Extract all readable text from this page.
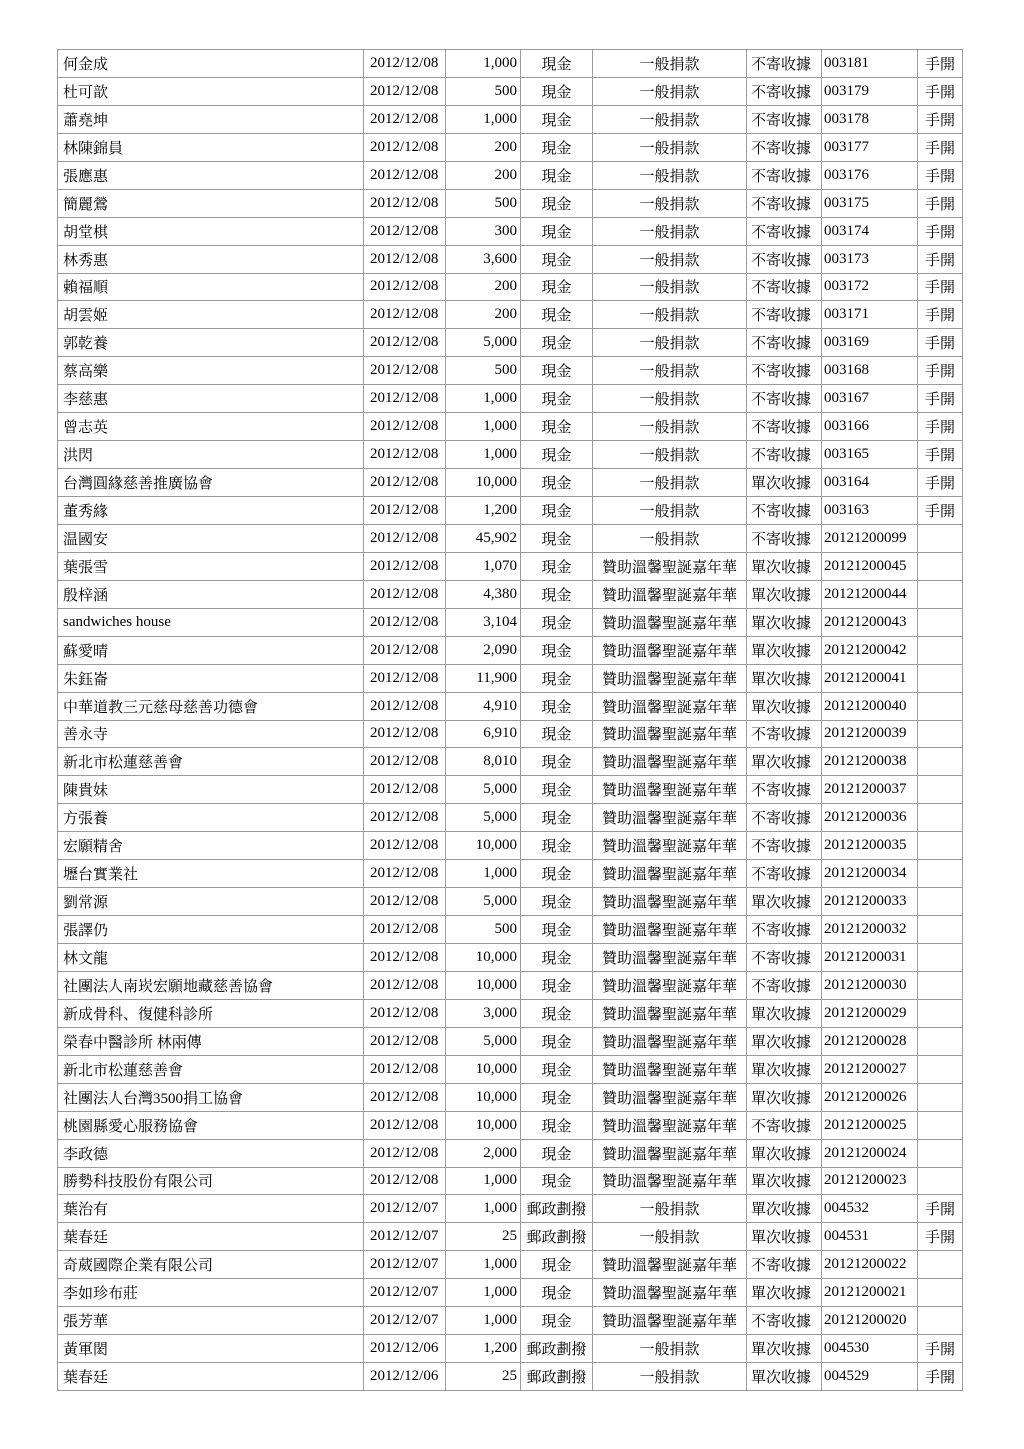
何金成	2012/12/08	1,000	現金	一般捐款	不寄收據	003181	手開
杜可歆	2012/12/08	500	現金	一般捐款	不寄收據	003179	手開
蕭堯坤	2012/12/08	1,000	現金	一般捐款	不寄收據	003178	手開
林陳錦員	2012/12/08	200	現金	一般捐款	不寄收據	003177	手開
張應惠	2012/12/08	200	現金	一般捐款	不寄收據	003176	手開
簡麗鶯	2012/12/08	500	現金	一般捐款	不寄收據	003175	手開
胡堂棋	2012/12/08	300	現金	一般捐款	不寄收據	003174	手開
林秀惠	2012/12/08	3,600	現金	一般捐款	不寄收據	003173	手開
賴福順	2012/12/08	200	現金	一般捐款	不寄收據	003172	手開
胡雲姬	2012/12/08	200	現金	一般捐款	不寄收據	003171	手開
郭乾養	2012/12/08	5,000	現金	一般捐款	不寄收據	003169	手開
蔡高樂	2012/12/08	500	現金	一般捐款	不寄收據	003168	手開
李慈惠	2012/12/08	1,000	現金	一般捐款	不寄收據	003167	手開
曾志英	2012/12/08	1,000	現金	一般捐款	不寄收據	003166	手開
洪閃	2012/12/08	1,000	現金	一般捐款	不寄收據	003165	手開
台灣圓緣慈善推廣協會	2012/12/08	10,000	現金	一般捐款	單次收據	003164	手開
董秀緣	2012/12/08	1,200	現金	一般捐款	不寄收據	003163	手開
温國安	2012/12/08	45,902	現金	一般捐款	不寄收據	20121200099	
葉張雪	2012/12/08	1,070	現金	贊助溫馨聖誕嘉年華	單次收據	20121200045	
殷梓涵	2012/12/08	4,380	現金	贊助溫馨聖誕嘉年華	單次收據	20121200044	
sandwiches house	2012/12/08	3,104	現金	贊助溫馨聖誕嘉年華	單次收據	20121200043	
蘇愛晴	2012/12/08	2,090	現金	贊助溫馨聖誕嘉年華	單次收據	20121200042	
朱鈺崙	2012/12/08	11,900	現金	贊助溫馨聖誕嘉年華	單次收據	20121200041	
中華道教三元慈母慈善功德會	2012/12/08	4,910	現金	贊助溫馨聖誕嘉年華	單次收據	20121200040	
善永寺	2012/12/08	6,910	現金	贊助溫馨聖誕嘉年華	不寄收據	20121200039	
新北市松蓮慈善會	2012/12/08	8,010	現金	贊助溫馨聖誕嘉年華	單次收據	20121200038	
陳貴妹	2012/12/08	5,000	現金	贊助溫馨聖誕嘉年華	不寄收據	20121200037	
方張養	2012/12/08	5,000	現金	贊助溫馨聖誕嘉年華	不寄收據	20121200036	
宏願精舍	2012/12/08	10,000	現金	贊助溫馨聖誕嘉年華	不寄收據	20121200035	
壢台實業社	2012/12/08	1,000	現金	贊助溫馨聖誕嘉年華	不寄收據	20121200034	
劉常源	2012/12/08	5,000	現金	贊助溫馨聖誕嘉年華	單次收據	20121200033	
張譯仍	2012/12/08	500	現金	贊助溫馨聖誕嘉年華	不寄收據	20121200032	
林文龍	2012/12/08	10,000	現金	贊助溫馨聖誕嘉年華	不寄收據	20121200031	
社團法人南崁宏願地藏慈善協會	2012/12/08	10,000	現金	贊助溫馨聖誕嘉年華	不寄收據	20121200030	
新成骨科、復健科診所	2012/12/08	3,000	現金	贊助溫馨聖誕嘉年華	單次收據	20121200029	
榮春中醫診所 林兩傳	2012/12/08	5,000	現金	贊助溫馨聖誕嘉年華	單次收據	20121200028	
新北市松蓮慈善會	2012/12/08	10,000	現金	贊助溫馨聖誕嘉年華	單次收據	20121200027	
社團法人台灣3500捐工協會	2012/12/08	10,000	現金	贊助溫馨聖誕嘉年華	單次收據	20121200026	
桃園縣愛心服務協會	2012/12/08	10,000	現金	贊助溫馨聖誕嘉年華	不寄收據	20121200025	
李政德	2012/12/08	2,000	現金	贊助溫馨聖誕嘉年華	單次收據	20121200024	
勝勢科技股份有限公司	2012/12/08	1,000	現金	贊助溫馨聖誕嘉年華	單次收據	20121200023	
葉治有	2012/12/07	1,000	郵政劃撥	一般捐款	單次收據	004532	手開
葉春廷	2012/12/07	25	郵政劃撥	一般捐款	單次收據	004531	手開
奇葳國際企業有限公司	2012/12/07	1,000	現金	贊助溫馨聖誕嘉年華	不寄收據	20121200022	
李如珍布莊	2012/12/07	1,000	現金	贊助溫馨聖誕嘉年華	單次收據	20121200021	
張芳華	2012/12/07	1,000	現金	贊助溫馨聖誕嘉年華	不寄收據	20121200020	
黃軍閎	2012/12/06	1,200	郵政劃撥	一般捐款	單次收據	004530	手開
葉春廷	2012/12/06	25	郵政劃撥	一般捐款	單次收據	004529	手開
